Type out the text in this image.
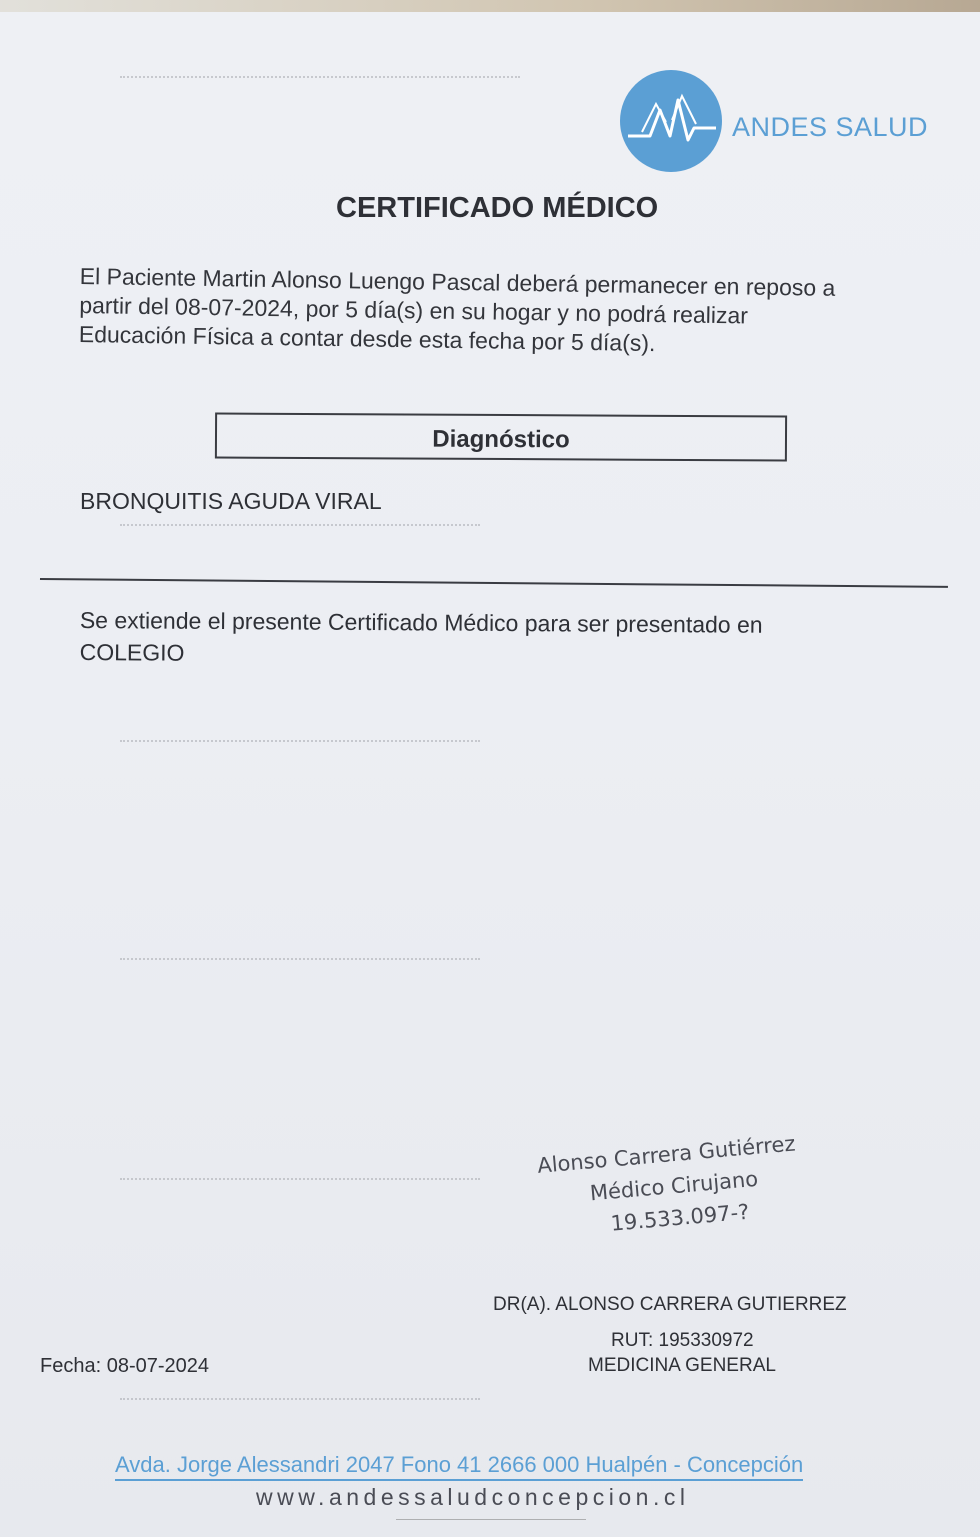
ANDES SALUD
CERTIFICADO MÉDICO
El Paciente Martin Alonso Luengo Pascal deberá permanecer en reposo a
partir del 08-07-2024, por 5 día(s) en su hogar y no podrá realizar
Educación Física a contar desde esta fecha por 5 día(s).
Diagnóstico
BRONQUITIS AGUDA VIRAL
Se extiende el presente Certificado Médico para ser presentado en
COLEGIO
Alonso Carrera Gutiérrez
Médico Cirujano
19.533.097-?
DR(A). ALONSO CARRERA GUTIERREZ
RUT: 195330972
MEDICINA GENERAL
Fecha: 08-07-2024
Avda. Jorge Alessandri 2047 Fono 41 2666 000 Hualpén - Concepción
www.andessaludconcepcion.cl
